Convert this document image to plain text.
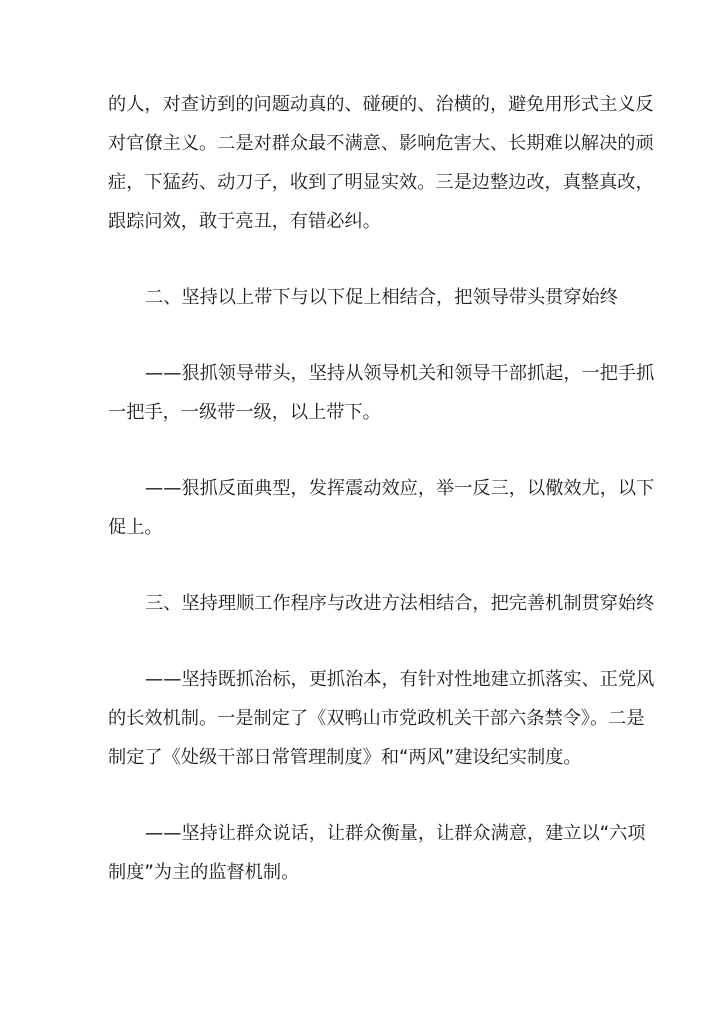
的人，对查访到的问题动真的、碰硬的、治横的，避免用形式主义反
对官僚主义。二是对群众最不满意、影响危害大、长期难以解决的顽
症，下猛药、动刀子，收到了明显实效。三是边整边改，真整真改，
跟踪问效，敢于亮丑，有错必纠。
二、坚持以上带下与以下促上相结合，把领导带头贯穿始终
——狠抓领导带头，坚持从领导机关和领导干部抓起，一把手抓
一把手，一级带一级，以上带下。
——狠抓反面典型，发挥震动效应，举一反三，以儆效尤，以下
促上。
三、坚持理顺工作程序与改进方法相结合，把完善机制贯穿始终
——坚持既抓治标，更抓治本，有针对性地建立抓落实、正党风
的长效机制。一是制定了《双鸭山市党政机关干部六条禁令》。二是
制定了《处级干部日常管理制度》和“两风”建设纪实制度。
——坚持让群众说话，让群众衡量，让群众满意，建立以“六项
制度”为主的监督机制。
